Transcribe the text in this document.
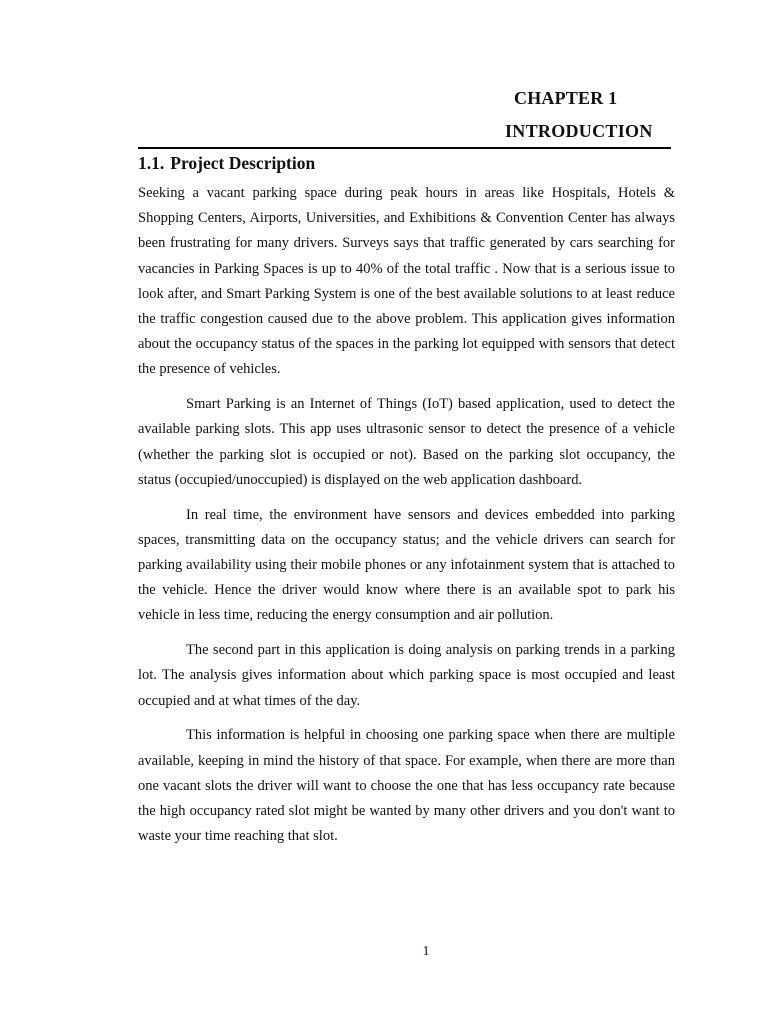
CHAPTER 1
INTRODUCTION
1.1. Project Description

Seeking a vacant parking space during peak hours in areas like Hospitals, Hotels & Shopping Centers, Airports, Universities, and Exhibitions & Convention Center has always been frustrating for many drivers. Surveys says that traffic generated by cars searching for vacancies in Parking Spaces is up to 40% of the total traffic . Now that is a serious issue to look after, and Smart Parking System is one of the best available solutions to at least reduce the traffic congestion caused due to the above problem. This application gives information about the occupancy status of the spaces in the parking lot equipped with sensors that detect the presence of vehicles.

Smart Parking is an Internet of Things (IoT) based application, used to detect the available parking slots. This app uses ultrasonic sensor to detect the presence of a vehicle (whether the parking slot is occupied or not). Based on the parking slot occupancy, the status (occupied/unoccupied) is displayed on the web application dashboard.

In real time, the environment have sensors and devices embedded into parking spaces, transmitting data on the occupancy status; and the vehicle drivers can search for parking availability using their mobile phones or any infotainment system that is attached to the vehicle. Hence the driver would know where there is an available spot to park his vehicle in less time, reducing the energy consumption and air pollution.

The second part in this application is doing analysis on parking trends in a parking lot. The analysis gives information about which parking space is most occupied and least occupied and at what times of the day.

This information is helpful in choosing one parking space when there are multiple available, keeping in mind the history of that space. For example, when there are more than one vacant slots the driver will want to choose the one that has less occupancy rate because the high occupancy rated slot might be wanted by many other drivers and you don't want to waste your time reaching that slot.

1
